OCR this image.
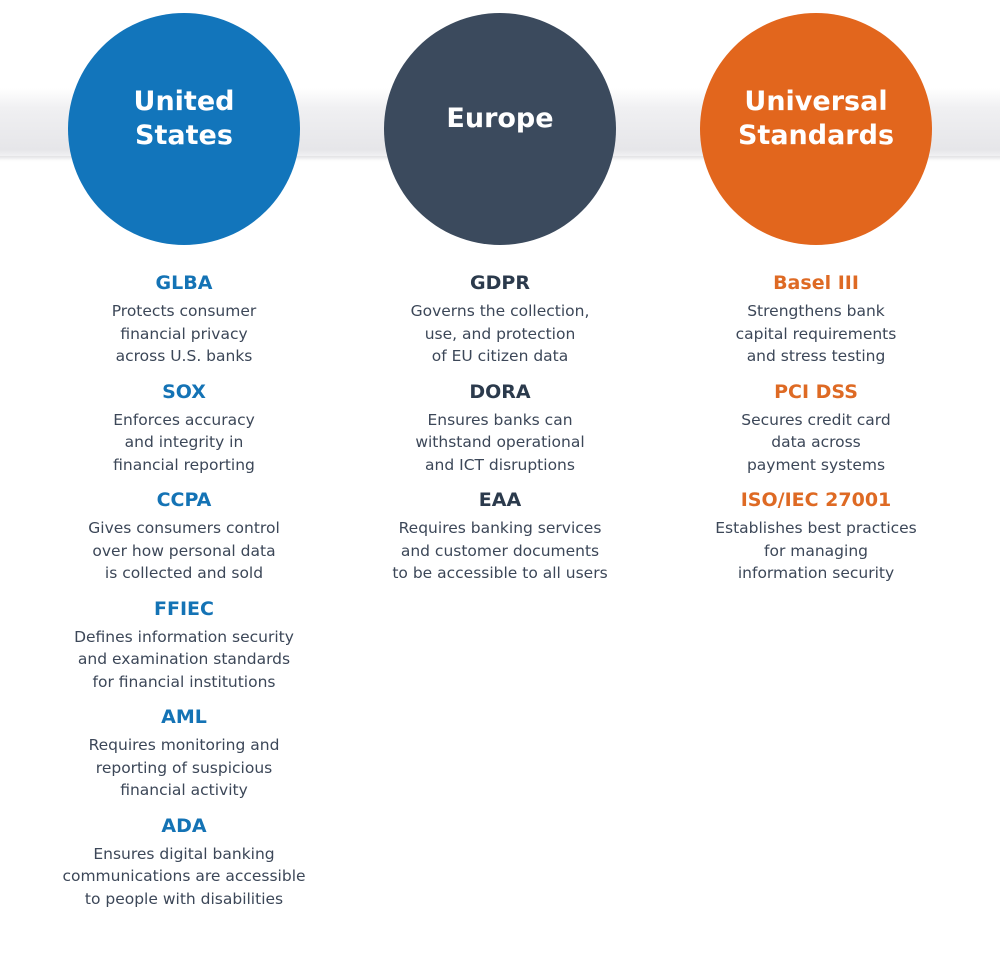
United
States
Europe
Universal
Standards
GLBA
Protects consumer
financial privacy
across U.S. banks
SOX
Enforces accuracy
and integrity in
financial reporting
CCPA
Gives consumers control
over how personal data
is collected and sold
FFIEC
Defines information security
and examination standards
for financial institutions
AML
Requires monitoring and
reporting of suspicious
financial activity
ADA
Ensures digital banking
communications are accessible
to people with disabilities
GDPR
Governs the collection,
use, and protection
of EU citizen data
DORA
Ensures banks can
withstand operational
and ICT disruptions
EAA
Requires banking services
and customer documents
to be accessible to all users
Basel III
Strengthens bank
capital requirements
and stress testing
PCI DSS
Secures credit card
data across
payment systems
ISO/IEC 27001
Establishes best practices
for managing
information security
